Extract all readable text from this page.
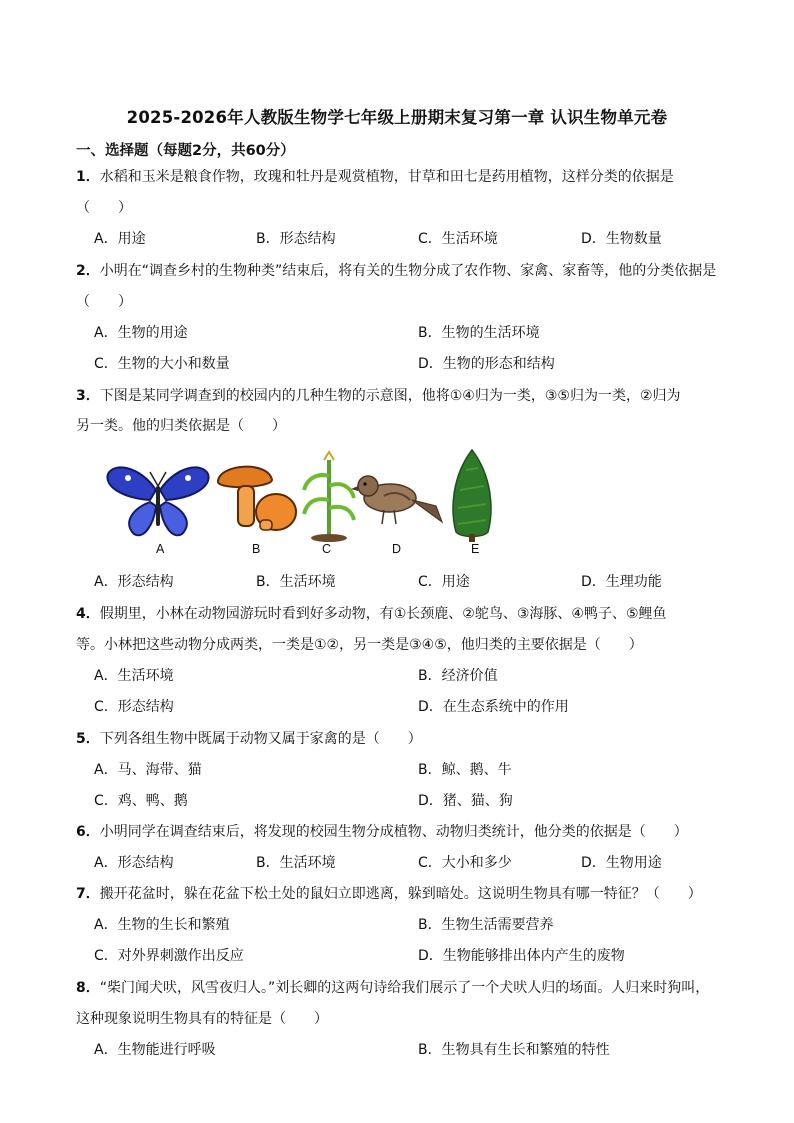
2025-2026年人教版生物学七年级上册期末复习第一章 认识生物单元卷
一、选择题（每题2分，共60分）
1．水稻和玉米是粮食作物，玫瑰和牡丹是观赏植物，甘草和田七是药用植物，这样分类的依据是
（　　）
A．用途	B．形态结构	C．生活环境	D．生物数量
2．小明在“调查乡村的生物种类”结束后，将有关的生物分成了农作物、家禽、家畜等，他的分类依据是
（　　）
A．生物的用途	B．生物的生活环境
C．生物的大小和数量	D．生物的形态和结构
3．下图是某同学调查到的校园内的几种生物的示意图，他将①④归为一类，③⑤归为一类，②归为
另一类。他的归类依据是（　　）
A	B	C	D	E
A．形态结构	B．生活环境	C．用途	D．生理功能
4．假期里，小林在动物园游玩时看到好多动物，有①长颈鹿、②鸵鸟、③海豚、④鸭子、⑤鲤鱼
等。小林把这些动物分成两类，一类是①②，另一类是③④⑤，他归类的主要依据是（　　）
A．生活环境	B．经济价值
C．形态结构	D．在生态系统中的作用
5．下列各组生物中既属于动物又属于家禽的是（　　）
A．马、海带、猫	B．鲸、鹅、牛
C．鸡、鸭、鹅	D．猪、猫、狗
6．小明同学在调查结束后，将发现的校园生物分成植物、动物归类统计，他分类的依据是（　　）
A．形态结构	B．生活环境	C．大小和多少	D．生物用途
7．搬开花盆时，躲在花盆下松土处的鼠妇立即逃离，躲到暗处。这说明生物具有哪一特征？（　　）
A．生物的生长和繁殖	B．生物生活需要营养
C．对外界刺激作出反应	D．生物能够排出体内产生的废物
8．“柴门闻犬吠，风雪夜归人。”刘长卿的这两句诗给我们展示了一个犬吠人归的场面。人归来时狗叫，
这种现象说明生物具有的特征是（　　）
A．生物能进行呼吸	B．生物具有生长和繁殖的特性
